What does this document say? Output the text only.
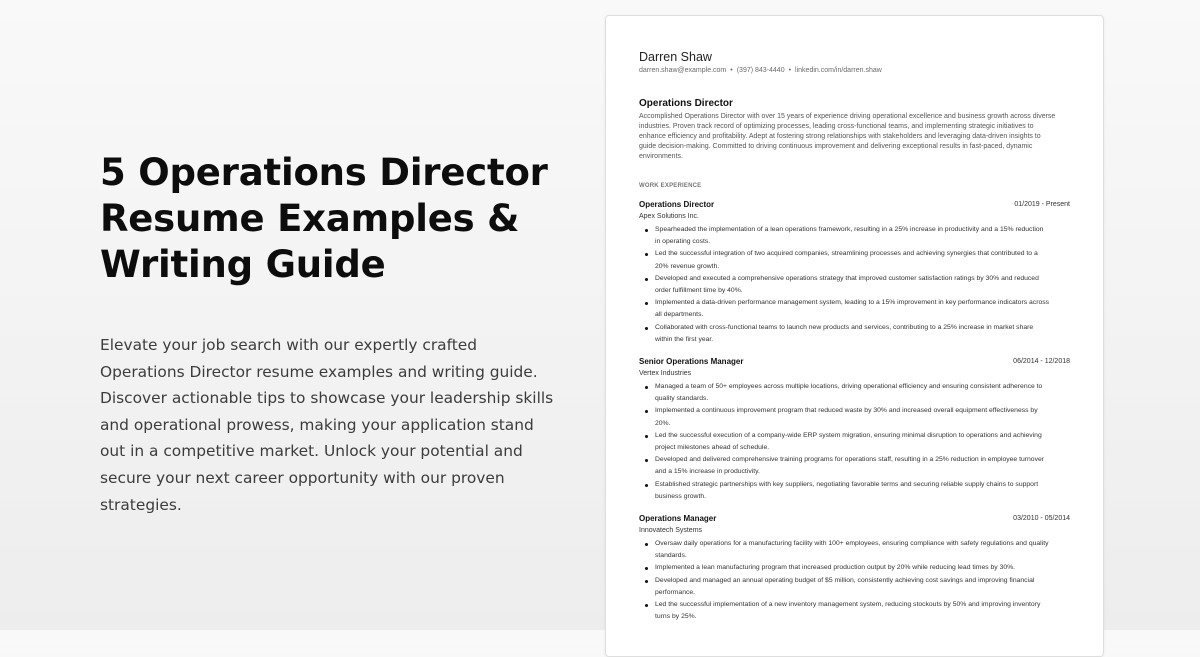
5 Operations Director Resume Examples & Writing Guide

Elevate your job search with our expertly crafted Operations Director resume examples and writing guide. Discover actionable tips to showcase your leadership skills and operational prowess, making your application stand out in a competitive market. Unlock your potential and secure your next career opportunity with our proven strategies.

Darren Shaw
darren.shaw@example.com • (397) 843-4440 • linkedin.com/in/darren.shaw
Operations Director
Accomplished Operations Director with over 15 years of experience driving operational excellence and business growth across diverse industries. Proven track record of optimizing processes, leading cross-functional teams, and implementing strategic initiatives to enhance efficiency and profitability. Adept at fostering strong relationships with stakeholders and leveraging data-driven insights to guide decision-making. Committed to driving continuous improvement and delivering exceptional results in fast-paced, dynamic environments.
WORK EXPERIENCE
Operations Director	01/2019 - Present
Apex Solutions Inc.
Spearheaded the implementation of a lean operations framework, resulting in a 25% increase in productivity and a 15% reduction in operating costs.
Led the successful integration of two acquired companies, streamlining processes and achieving synergies that contributed to a 20% revenue growth.
Developed and executed a comprehensive operations strategy that improved customer satisfaction ratings by 30% and reduced order fulfillment time by 40%.
Implemented a data-driven performance management system, leading to a 15% improvement in key performance indicators across all departments.
Collaborated with cross-functional teams to launch new products and services, contributing to a 25% increase in market share within the first year.
Senior Operations Manager	06/2014 - 12/2018
Vertex Industries
Managed a team of 50+ employees across multiple locations, driving operational efficiency and ensuring consistent adherence to quality standards.
Implemented a continuous improvement program that reduced waste by 30% and increased overall equipment effectiveness by 20%.
Led the successful execution of a company-wide ERP system migration, ensuring minimal disruption to operations and achieving project milestones ahead of schedule.
Developed and delivered comprehensive training programs for operations staff, resulting in a 25% reduction in employee turnover and a 15% increase in productivity.
Established strategic partnerships with key suppliers, negotiating favorable terms and securing reliable supply chains to support business growth.
Operations Manager	03/2010 - 05/2014
Innovatech Systems
Oversaw daily operations for a manufacturing facility with 100+ employees, ensuring compliance with safety regulations and quality standards.
Implemented a lean manufacturing program that increased production output by 20% while reducing lead times by 30%.
Developed and managed an annual operating budget of $5 million, consistently achieving cost savings and improving financial performance.
Led the successful implementation of a new inventory management system, reducing stockouts by 50% and improving inventory turns by 25%.
